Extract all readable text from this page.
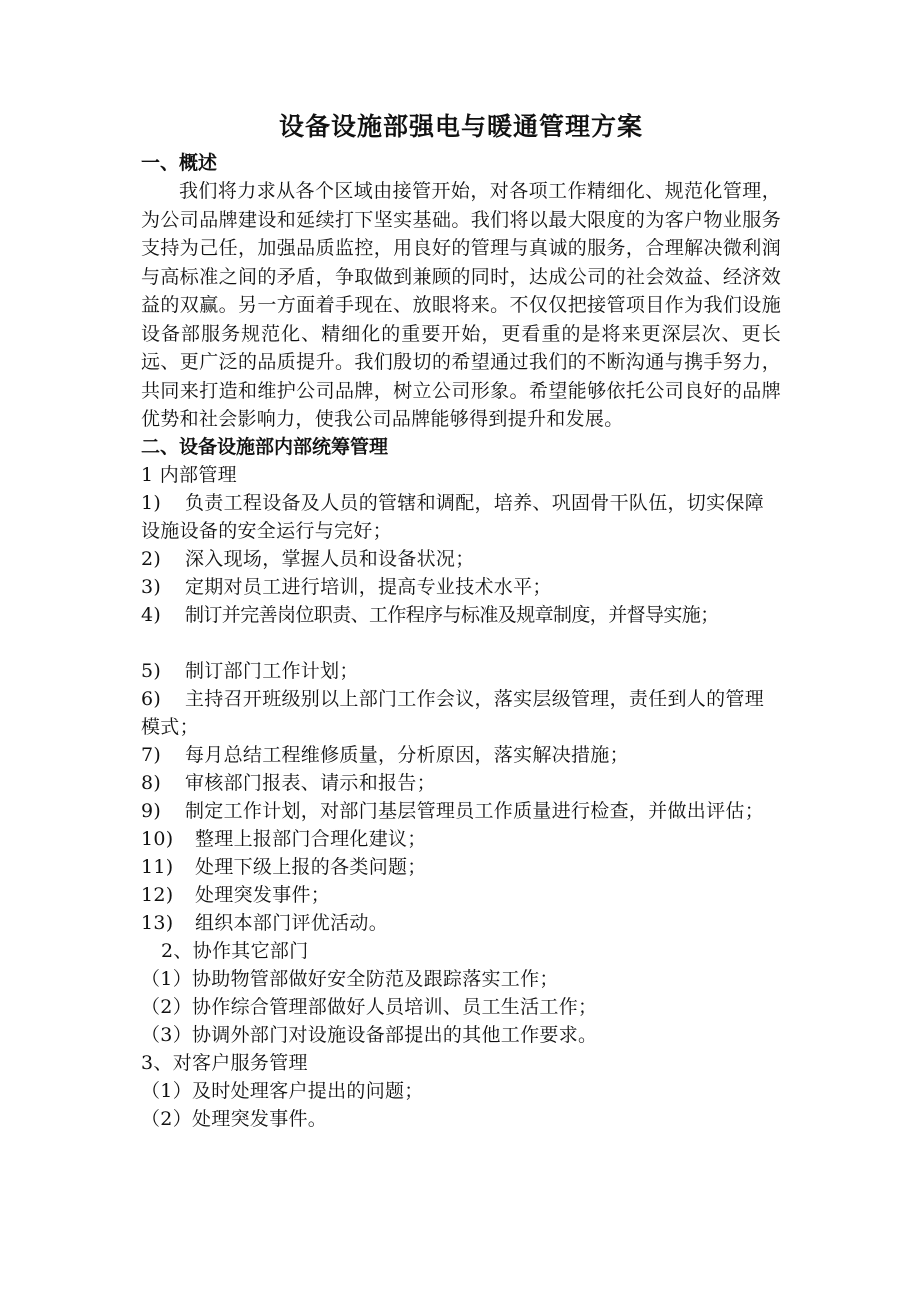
设备设施部强电与暖通管理方案

一、概述

我们将力求从各个区域由接管开始，对各项工作精细化、规范化管理，为公司品牌建设和延续打下坚实基础。我们将以最大限度的为客户物业服务支持为己任，加强品质监控，用良好的管理与真诚的服务，合理解决微利润与高标准之间的矛盾，争取做到兼顾的同时，达成公司的社会效益、经济效益的双赢。另一方面着手现在、放眼将来。不仅仅把接管项目作为我们设施设备部服务规范化、精细化的重要开始，更看重的是将来更深层次、更长远、更广泛的品质提升。我们殷切的希望通过我们的不断沟通与携手努力，共同来打造和维护公司品牌，树立公司形象。希望能够依托公司良好的品牌优势和社会影响力，使我公司品牌能够得到提升和发展。

二、设备设施部内部统筹管理

1 内部管理

1) 负责工程设备及人员的管辖和调配，培养、巩固骨干队伍，切实保障设施设备的安全运行与完好；
2)	深入现场，掌握人员和设备状况；
3)	定期对员工进行培训，提高专业技术水平；
4)	制订并完善岗位职责、工作程序与标准及规章制度，并督导实施；
5)	制订部门工作计划；
6) 主持召开班级别以上部门工作会议，落实层级管理，责任到人的管理模式；
7)	每月总结工程维修质量，分析原因，落实解决措施；
8)	审核部门报表、请示和报告；
9) 制定工作计划，对部门基层管理员工作质量进行检查，并做出评估；
10)	整理上报部门合理化建议；
11)	处理下级上报的各类问题；
12)	处理突发事件；
13)	组织本部门评优活动。

2、协作其它部门

（1）协助物管部做好安全防范及跟踪落实工作；

（2）协作综合管理部做好人员培训、员工生活工作；

（3）协调外部门对设施设备部提出的其他工作要求。

3、对客户服务管理

（1）及时处理客户提出的问题；

（2）处理突发事件。
